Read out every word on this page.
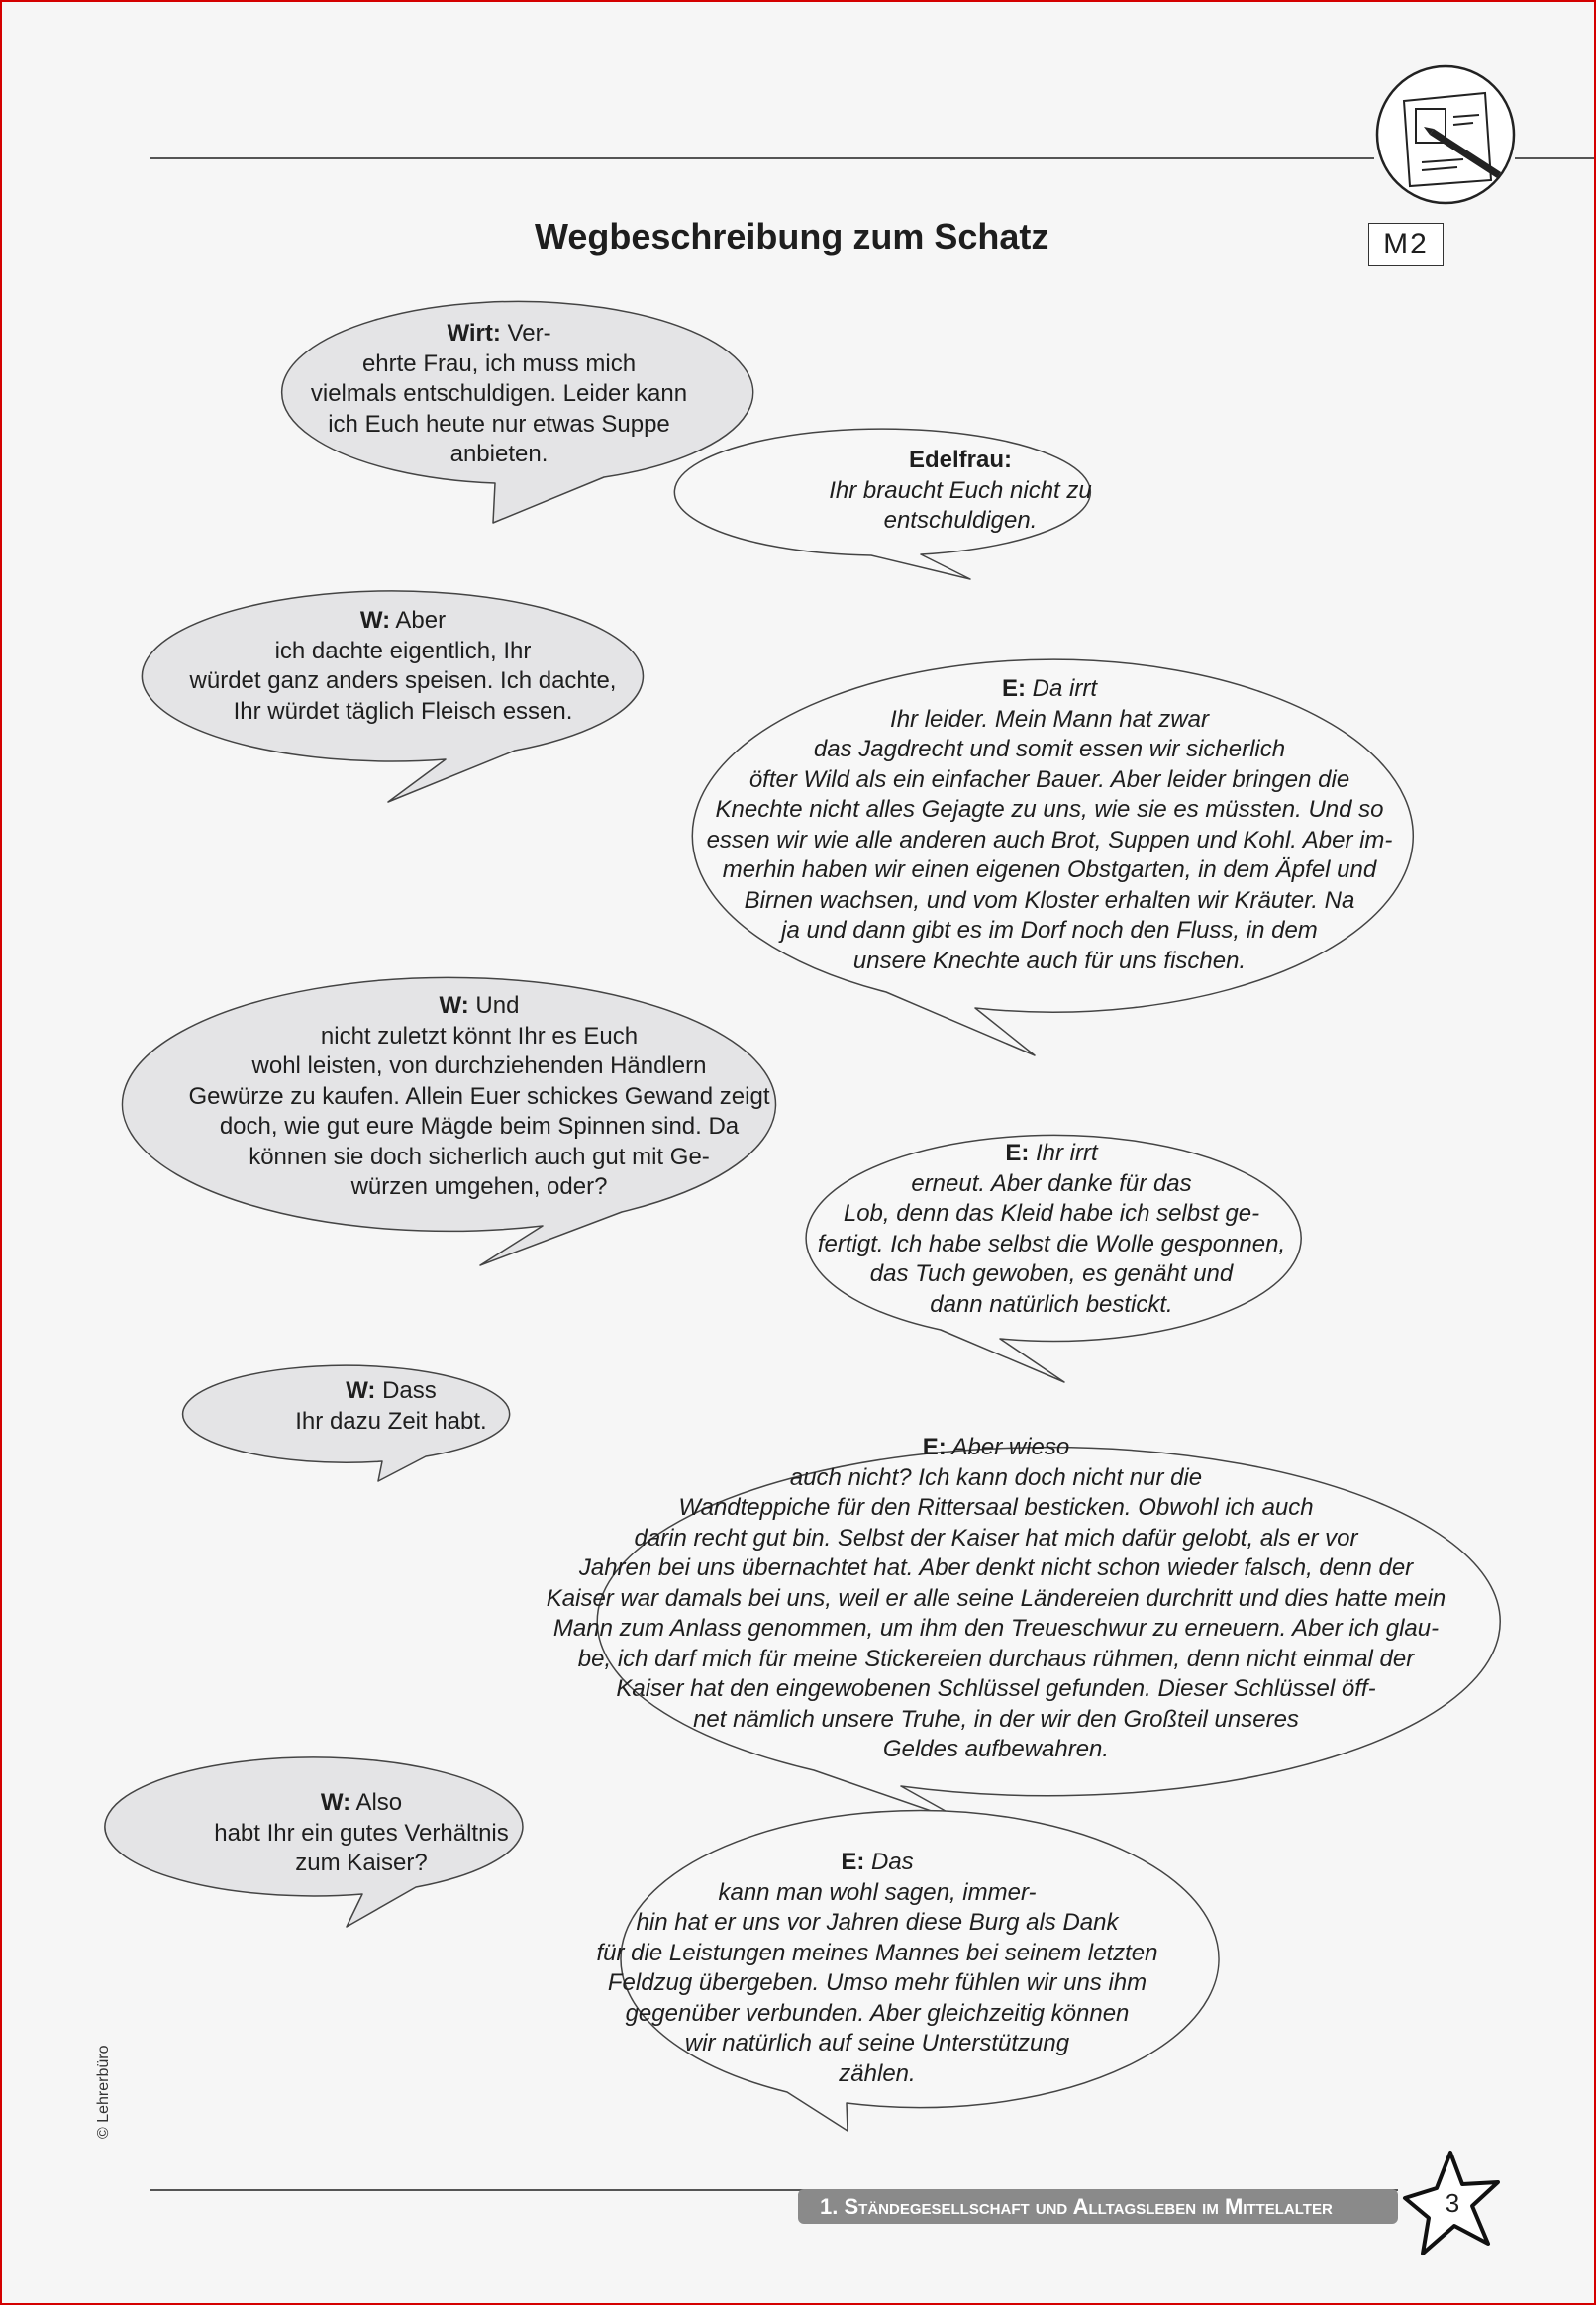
Wegbeschreibung zum Schatz	M2
Wirt: Ver-
ehrte Frau, ich muss mich
vielmals entschuldigen. Leider kann
ich Euch heute nur etwas Suppe
anbieten.	Edelfrau:
Ihr braucht Euch nicht zu
entschuldigen.
W: Aber
ich dachte eigentlich, Ihr
würdet ganz anders speisen. Ich dachte,
Ihr würdet täglich Fleisch essen.
E: Da irrt
Ihr leider. Mein Mann hat zwar
das Jagdrecht und somit essen wir sicherlich
öfter Wild als ein einfacher Bauer. Aber leider bringen die
Knechte nicht alles Gejagte zu uns, wie sie es müssten. Und so
essen wir wie alle anderen auch Brot, Suppen und Kohl. Aber im-
merhin haben wir einen eigenen Obstgarten, in dem Äpfel und
Birnen wachsen, und vom Kloster erhalten wir Kräuter. Na
ja und dann gibt es im Dorf noch den Fluss, in dem
unsere Knechte auch für uns fischen.
W: Und
nicht zuletzt könnt Ihr es Euch
wohl leisten, von durchziehenden Händlern
Gewürze zu kaufen. Allein Euer schickes Gewand zeigt
doch, wie gut eure Mägde beim Spinnen sind. Da
können sie doch sicherlich auch gut mit Ge-
würzen umgehen, oder?
E: Ihr irrt
erneut. Aber danke für das
Lob, denn das Kleid habe ich selbst ge-
fertigt. Ich habe selbst die Wolle gesponnen,
das Tuch gewoben, es genäht und
dann natürlich bestickt.
W: Dass
Ihr dazu Zeit habt.
E: Aber wieso
auch nicht? Ich kann doch nicht nur die
Wandteppiche für den Rittersaal besticken. Obwohl ich auch
darin recht gut bin. Selbst der Kaiser hat mich dafür gelobt, als er vor
Jahren bei uns übernachtet hat. Aber denkt nicht schon wieder falsch, denn der
Kaiser war damals bei uns, weil er alle seine Ländereien durchritt und dies hatte mein
Mann zum Anlass genommen, um ihm den Treueschwur zu erneuern. Aber ich glau-
be, ich darf mich für meine Stickereien durchaus rühmen, denn nicht einmal der
Kaiser hat den eingewobenen Schlüssel gefunden. Dieser Schlüssel öff-
net nämlich unsere Truhe, in der wir den Großteil unseres
Geldes aufbewahren.
W: Also
habt Ihr ein gutes Verhältnis
zum Kaiser?	E: Das
kann man wohl sagen, immer-
hin hat er uns vor Jahren diese Burg als Dank
für die Leistungen meines Mannes bei seinem letzten
Feldzug übergeben. Umso mehr fühlen wir uns ihm
gegenüber verbunden. Aber gleichzeitig können
wir natürlich auf seine Unterstützung
zählen.
© Lehrerbüro
1. Ständegesellschaft und Alltagsleben im Mittelalter	3
